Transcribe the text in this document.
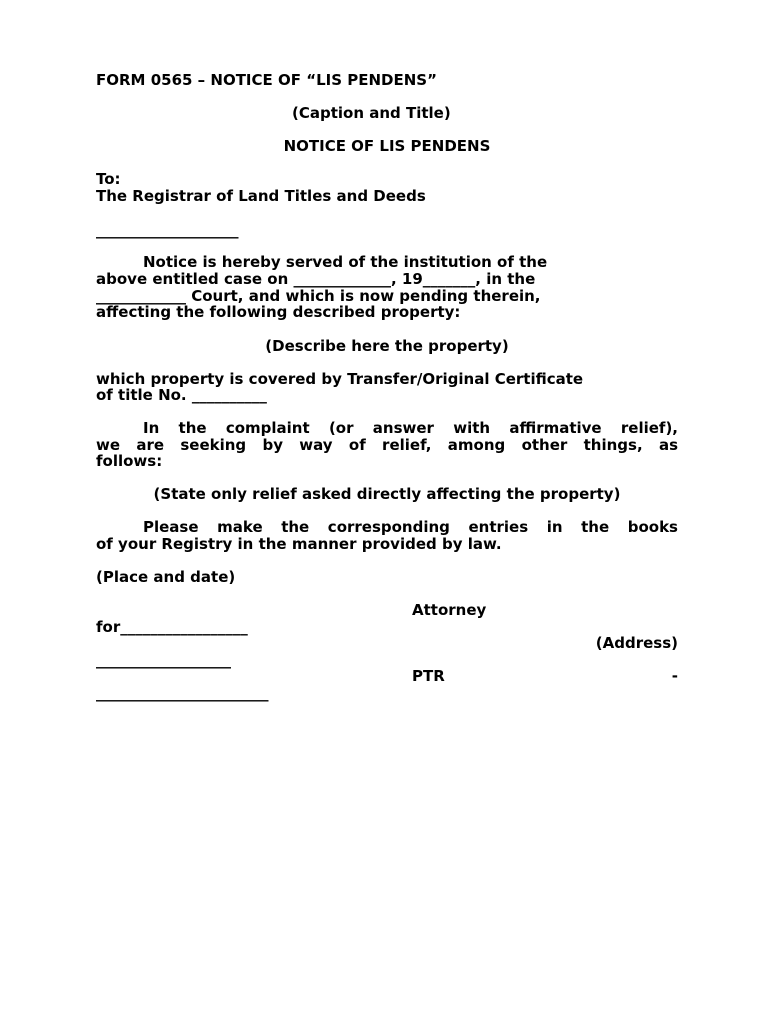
FORM 0565 – NOTICE OF “LIS PENDENS”
(Caption and Title)
NOTICE OF LIS PENDENS
To:
The Registrar of Land Titles and Deeds
___________________
Notice is hereby served of the institution of the
above entitled case on _____________, 19_______, in the
____________ Court, and which is now pending therein,
affecting the following described property:
(Describe here the property)
which property is covered by Transfer/Original Certificate
of title No. __________
In the complaint (or answer with affirmative relief),
we are seeking by way of relief, among other things, as
follows:
(State only relief asked directly affecting the property)
Please make the corresponding entries in the books
of your Registry in the manner provided by law.
(Place and date)
Attorney
for_________________
(Address)
__________________
PTR	-
_______________________
